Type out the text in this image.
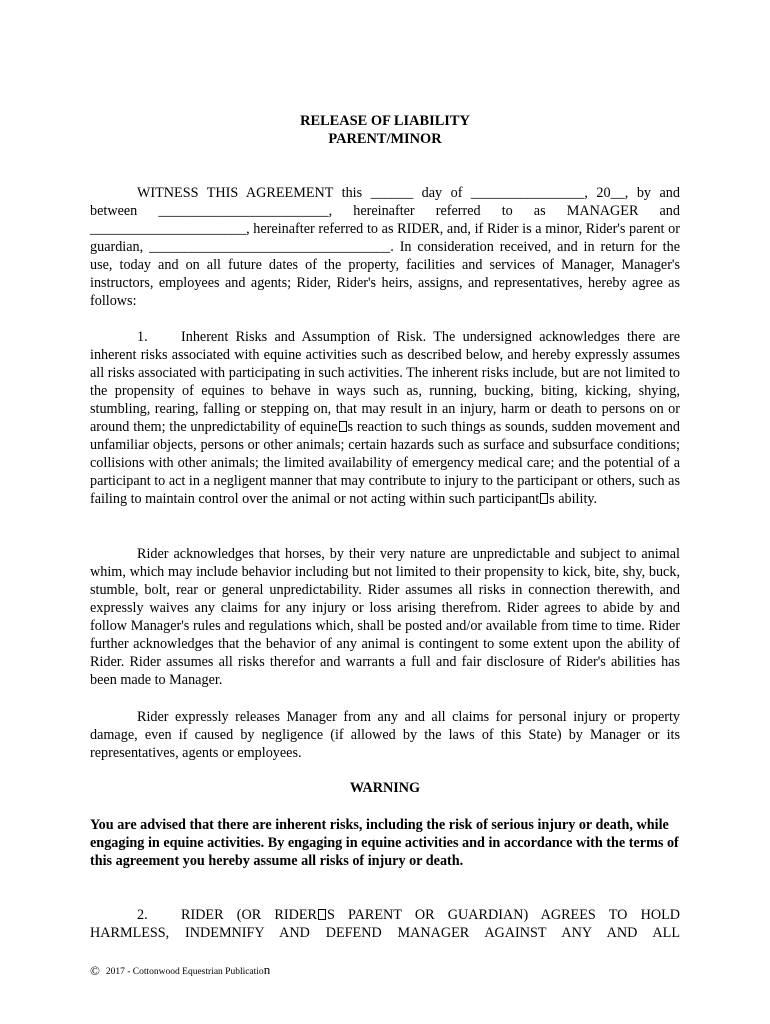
RELEASE OF LIABILITY
PARENT/MINOR

WITNESS THIS AGREEMENT this ______ day of ________________, 20__, by and between ________________________, hereinafter referred to as MANAGER and ______________________, hereinafter referred to as RIDER, and, if Rider is a minor, Rider's parent or guardian, __________________________________. In consideration received, and in return for the use, today and on all future dates of the property, facilities and services of Manager, Manager's instructors, employees and agents; Rider, Rider's heirs, assigns, and representatives, hereby agree as follows:

1. Inherent Risks and Assumption of Risk. The undersigned acknowledges there are inherent risks associated with equine activities such as described below, and hereby expressly assumes all risks associated with participating in such activities. The inherent risks include, but are not limited to the propensity of equines to behave in ways such as, running, bucking, biting, kicking, shying, stumbling, rearing, falling or stepping on, that may result in an injury, harm or death to persons on or around them; the unpredictability of equine s reaction to such things as sounds, sudden movement and unfamiliar objects, persons or other animals; certain hazards such as surface and subsurface conditions; collisions with other animals; the limited availability of emergency medical care; and the potential of a participant to act in a negligent manner that may contribute to injury to the participant or others, such as failing to maintain control over the animal or not acting within such participant s ability.

Rider acknowledges that horses, by their very nature are unpredictable and subject to animal whim, which may include behavior including but not limited to their propensity to kick, bite, shy, buck, stumble, bolt, rear or general unpredictability. Rider assumes all risks in connection therewith, and expressly waives any claims for any injury or loss arising therefrom. Rider agrees to abide by and follow Manager's rules and regulations which, shall be posted and/or available from time to time. Rider further acknowledges that the behavior of any animal is contingent to some extent upon the ability of Rider. Rider assumes all risks therefor and warrants a full and fair disclosure of Rider's abilities has been made to Manager.

Rider expressly releases Manager from any and all claims for personal injury or property damage, even if caused by negligence (if allowed by the laws of this State) by Manager or its representatives, agents or employees.

WARNING
You are advised that there are inherent risks, including the risk of serious injury or death, while engaging in equine activities. By engaging in equine activities and in accordance with the terms of this agreement you hereby assume all risks of injury or death.
2. RIDER (OR RIDER S PARENT OR GUARDIAN) AGREES TO HOLD HARMLESS, INDEMNIFY AND DEFEND MANAGER AGAINST ANY AND ALL
© 2017 - Cottonwood Equestrian Publication
